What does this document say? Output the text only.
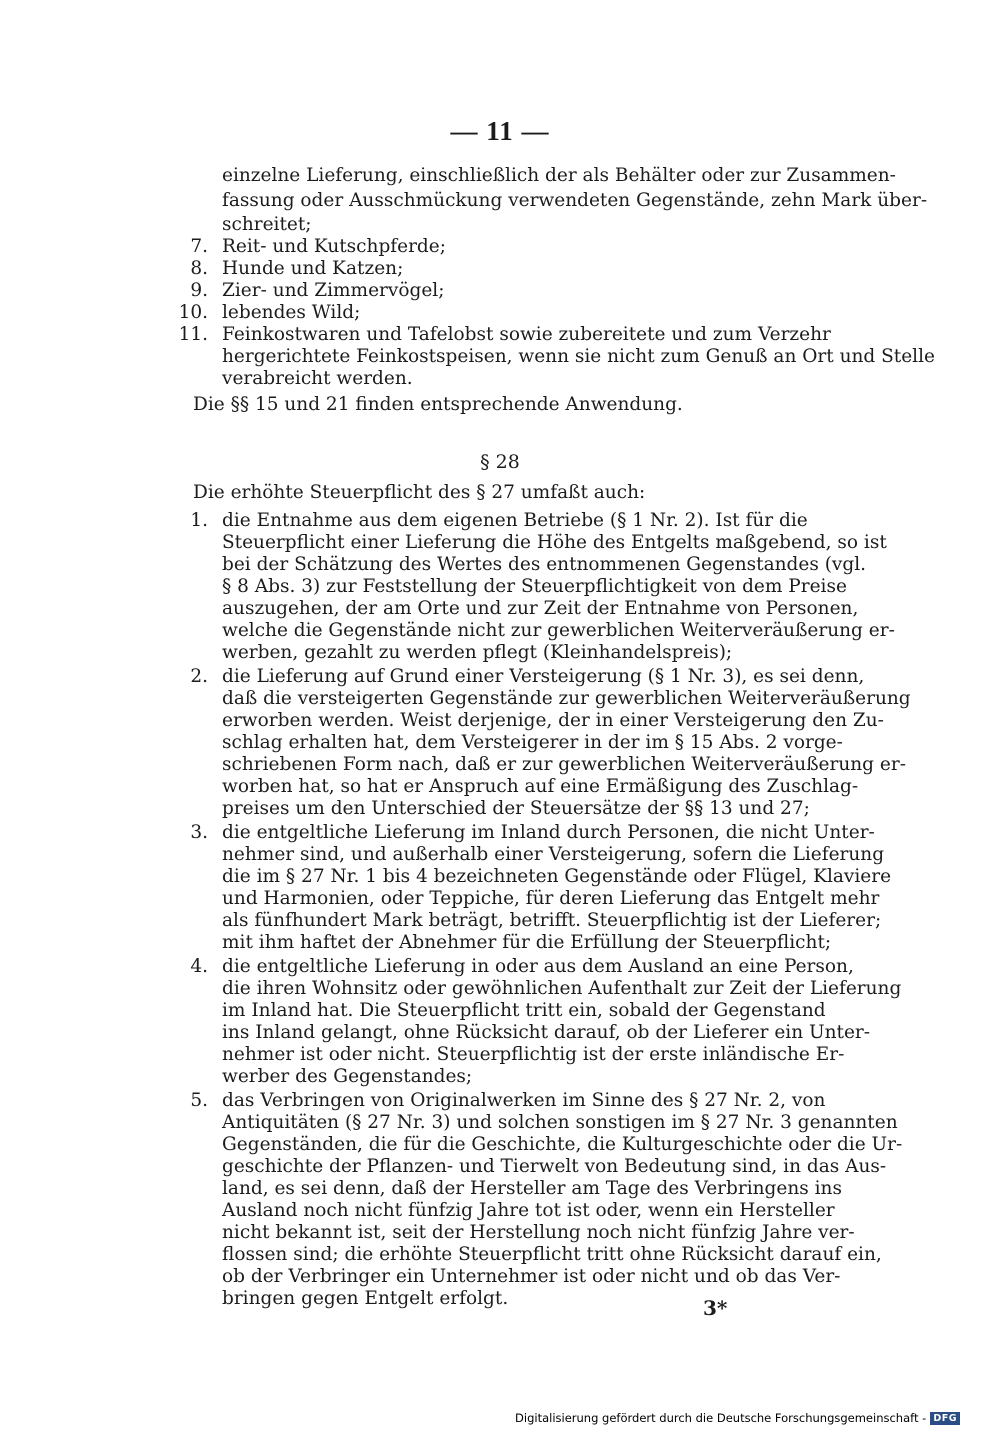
— 11 —
einzelne Lieferung, einschließlich der als Behälter oder zur Zusammen-
fassung oder Ausschmückung verwendeten Gegenstände, zehn Mark über-
schreitet;
7. Reit- und Kutschpferde;
8. Hunde und Katzen;
9. Zier- und Zimmervögel;
10. lebendes Wild;
11. Feinkostwaren und Tafelobst sowie zubereitete und zum Verzehr
hergerichtete Feinkostspeisen, wenn sie nicht zum Genuß an Ort und Stelle
verabreicht werden.
Die §§ 15 und 21 finden entsprechende Anwendung.
§ 28
Die erhöhte Steuerpflicht des § 27 umfaßt auch:
1. die Entnahme aus dem eigenen Betriebe (§ 1 Nr. 2). Ist für die
Steuerpflicht einer Lieferung die Höhe des Entgelts maßgebend, so ist
bei der Schätzung des Wertes des entnommenen Gegenstandes (vgl.
§ 8 Abs. 3) zur Feststellung der Steuerpflichtigkeit von dem Preise
auszugehen, der am Orte und zur Zeit der Entnahme von Personen,
welche die Gegenstände nicht zur gewerblichen Weiterveräußerung er-
werben, gezahlt zu werden pflegt (Kleinhandelspreis);
2. die Lieferung auf Grund einer Versteigerung (§ 1 Nr. 3), es sei denn,
daß die versteigerten Gegenstände zur gewerblichen Weiterveräußerung
erworben werden. Weist derjenige, der in einer Versteigerung den Zu-
schlag erhalten hat, dem Versteigerer in der im § 15 Abs. 2 vorge-
schriebenen Form nach, daß er zur gewerblichen Weiterveräußerung er-
worben hat, so hat er Anspruch auf eine Ermäßigung des Zuschlag-
preises um den Unterschied der Steuersätze der §§ 13 und 27;
3. die entgeltliche Lieferung im Inland durch Personen, die nicht Unter-
nehmer sind, und außerhalb einer Versteigerung, sofern die Lieferung
die im § 27 Nr. 1 bis 4 bezeichneten Gegenstände oder Flügel, Klaviere
und Harmonien, oder Teppiche, für deren Lieferung das Entgelt mehr
als fünfhundert Mark beträgt, betrifft. Steuerpflichtig ist der Lieferer;
mit ihm haftet der Abnehmer für die Erfüllung der Steuerpflicht;
4. die entgeltliche Lieferung in oder aus dem Ausland an eine Person,
die ihren Wohnsitz oder gewöhnlichen Aufenthalt zur Zeit der Lieferung
im Inland hat. Die Steuerpflicht tritt ein, sobald der Gegenstand
ins Inland gelangt, ohne Rücksicht darauf, ob der Lieferer ein Unter-
nehmer ist oder nicht. Steuerpflichtig ist der erste inländische Er-
werber des Gegenstandes;
5. das Verbringen von Originalwerken im Sinne des § 27 Nr. 2, von
Antiquitäten (§ 27 Nr. 3) und solchen sonstigen im § 27 Nr. 3 genannten
Gegenständen, die für die Geschichte, die Kulturgeschichte oder die Ur-
geschichte der Pflanzen- und Tierwelt von Bedeutung sind, in das Aus-
land, es sei denn, daß der Hersteller am Tage des Verbringens ins
Ausland noch nicht fünfzig Jahre tot ist oder, wenn ein Hersteller
nicht bekannt ist, seit der Herstellung noch nicht fünfzig Jahre ver-
flossen sind; die erhöhte Steuerpflicht tritt ohne Rücksicht darauf ein,
ob der Verbringer ein Unternehmer ist oder nicht und ob das Ver-
bringen gegen Entgelt erfolgt.	3*
Digitalisierung gefördert durch die Deutsche Forschungsgemeinschaft - DFG
